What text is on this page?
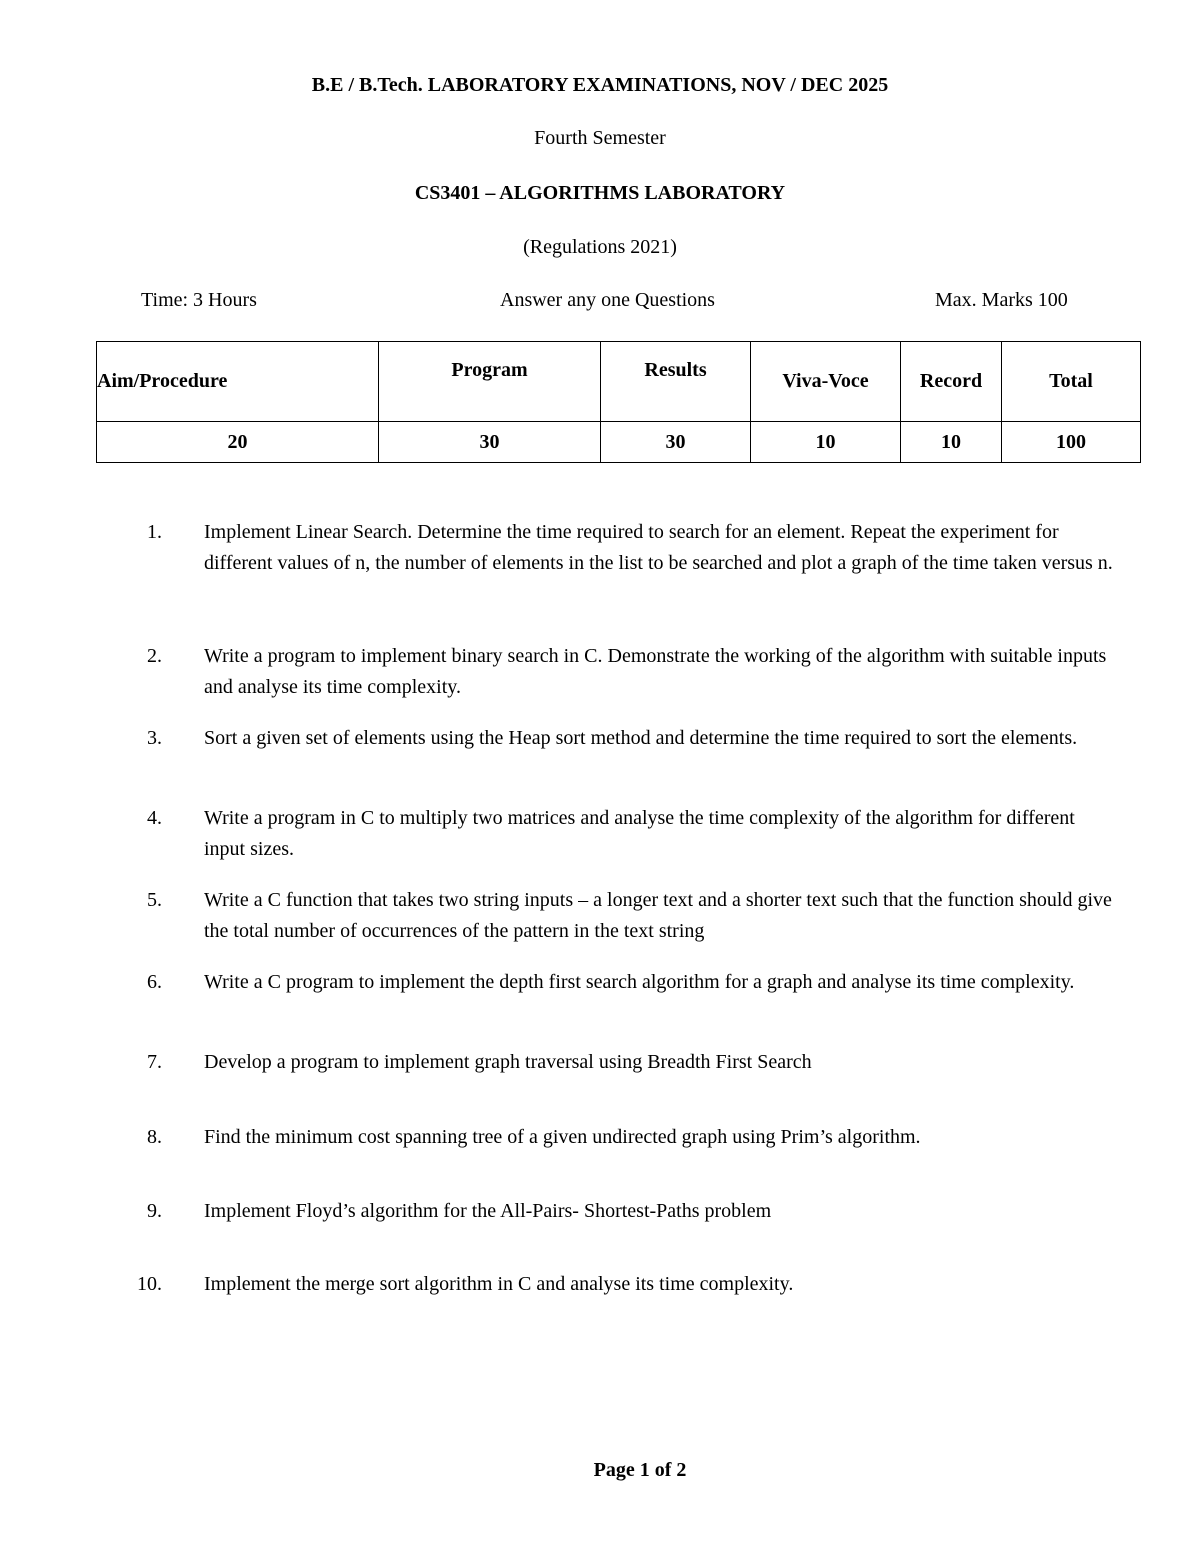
B.E / B.Tech. LABORATORY EXAMINATIONS, NOV / DEC 2025
Fourth Semester
CS3401 – ALGORITHMS LABORATORY
(Regulations 2021)
Time: 3 Hours	Answer any one Questions	Max. Marks 100
Aim/Procedure	Program	Results	Viva-Voce	Record	Total
20	30	30	10	10	100
1. Implement Linear Search. Determine the time required to search for an element. Repeat the experiment for different values of n, the number of elements in the list to be searched and plot a graph of the time taken versus n.
2. Write a program to implement binary search in C. Demonstrate the working of the algorithm with suitable inputs and analyse its time complexity.
3. Sort a given set of elements using the Heap sort method and determine the time required to sort the elements.
4. Write a program in C to multiply two matrices and analyse the time complexity of the algorithm for different input sizes.
5. Write a C function that takes two string inputs – a longer text and a shorter text such that the function should give the total number of occurrences of the pattern in the text string
6. Write a C program to implement the depth first search algorithm for a graph and analyse its time complexity.
7. Develop a program to implement graph traversal using Breadth First Search
8. Find the minimum cost spanning tree of a given undirected graph using Prim’s algorithm.
9. Implement Floyd’s algorithm for the All-Pairs- Shortest-Paths problem
10. Implement the merge sort algorithm in C and analyse its time complexity.
Page 1 of 2
